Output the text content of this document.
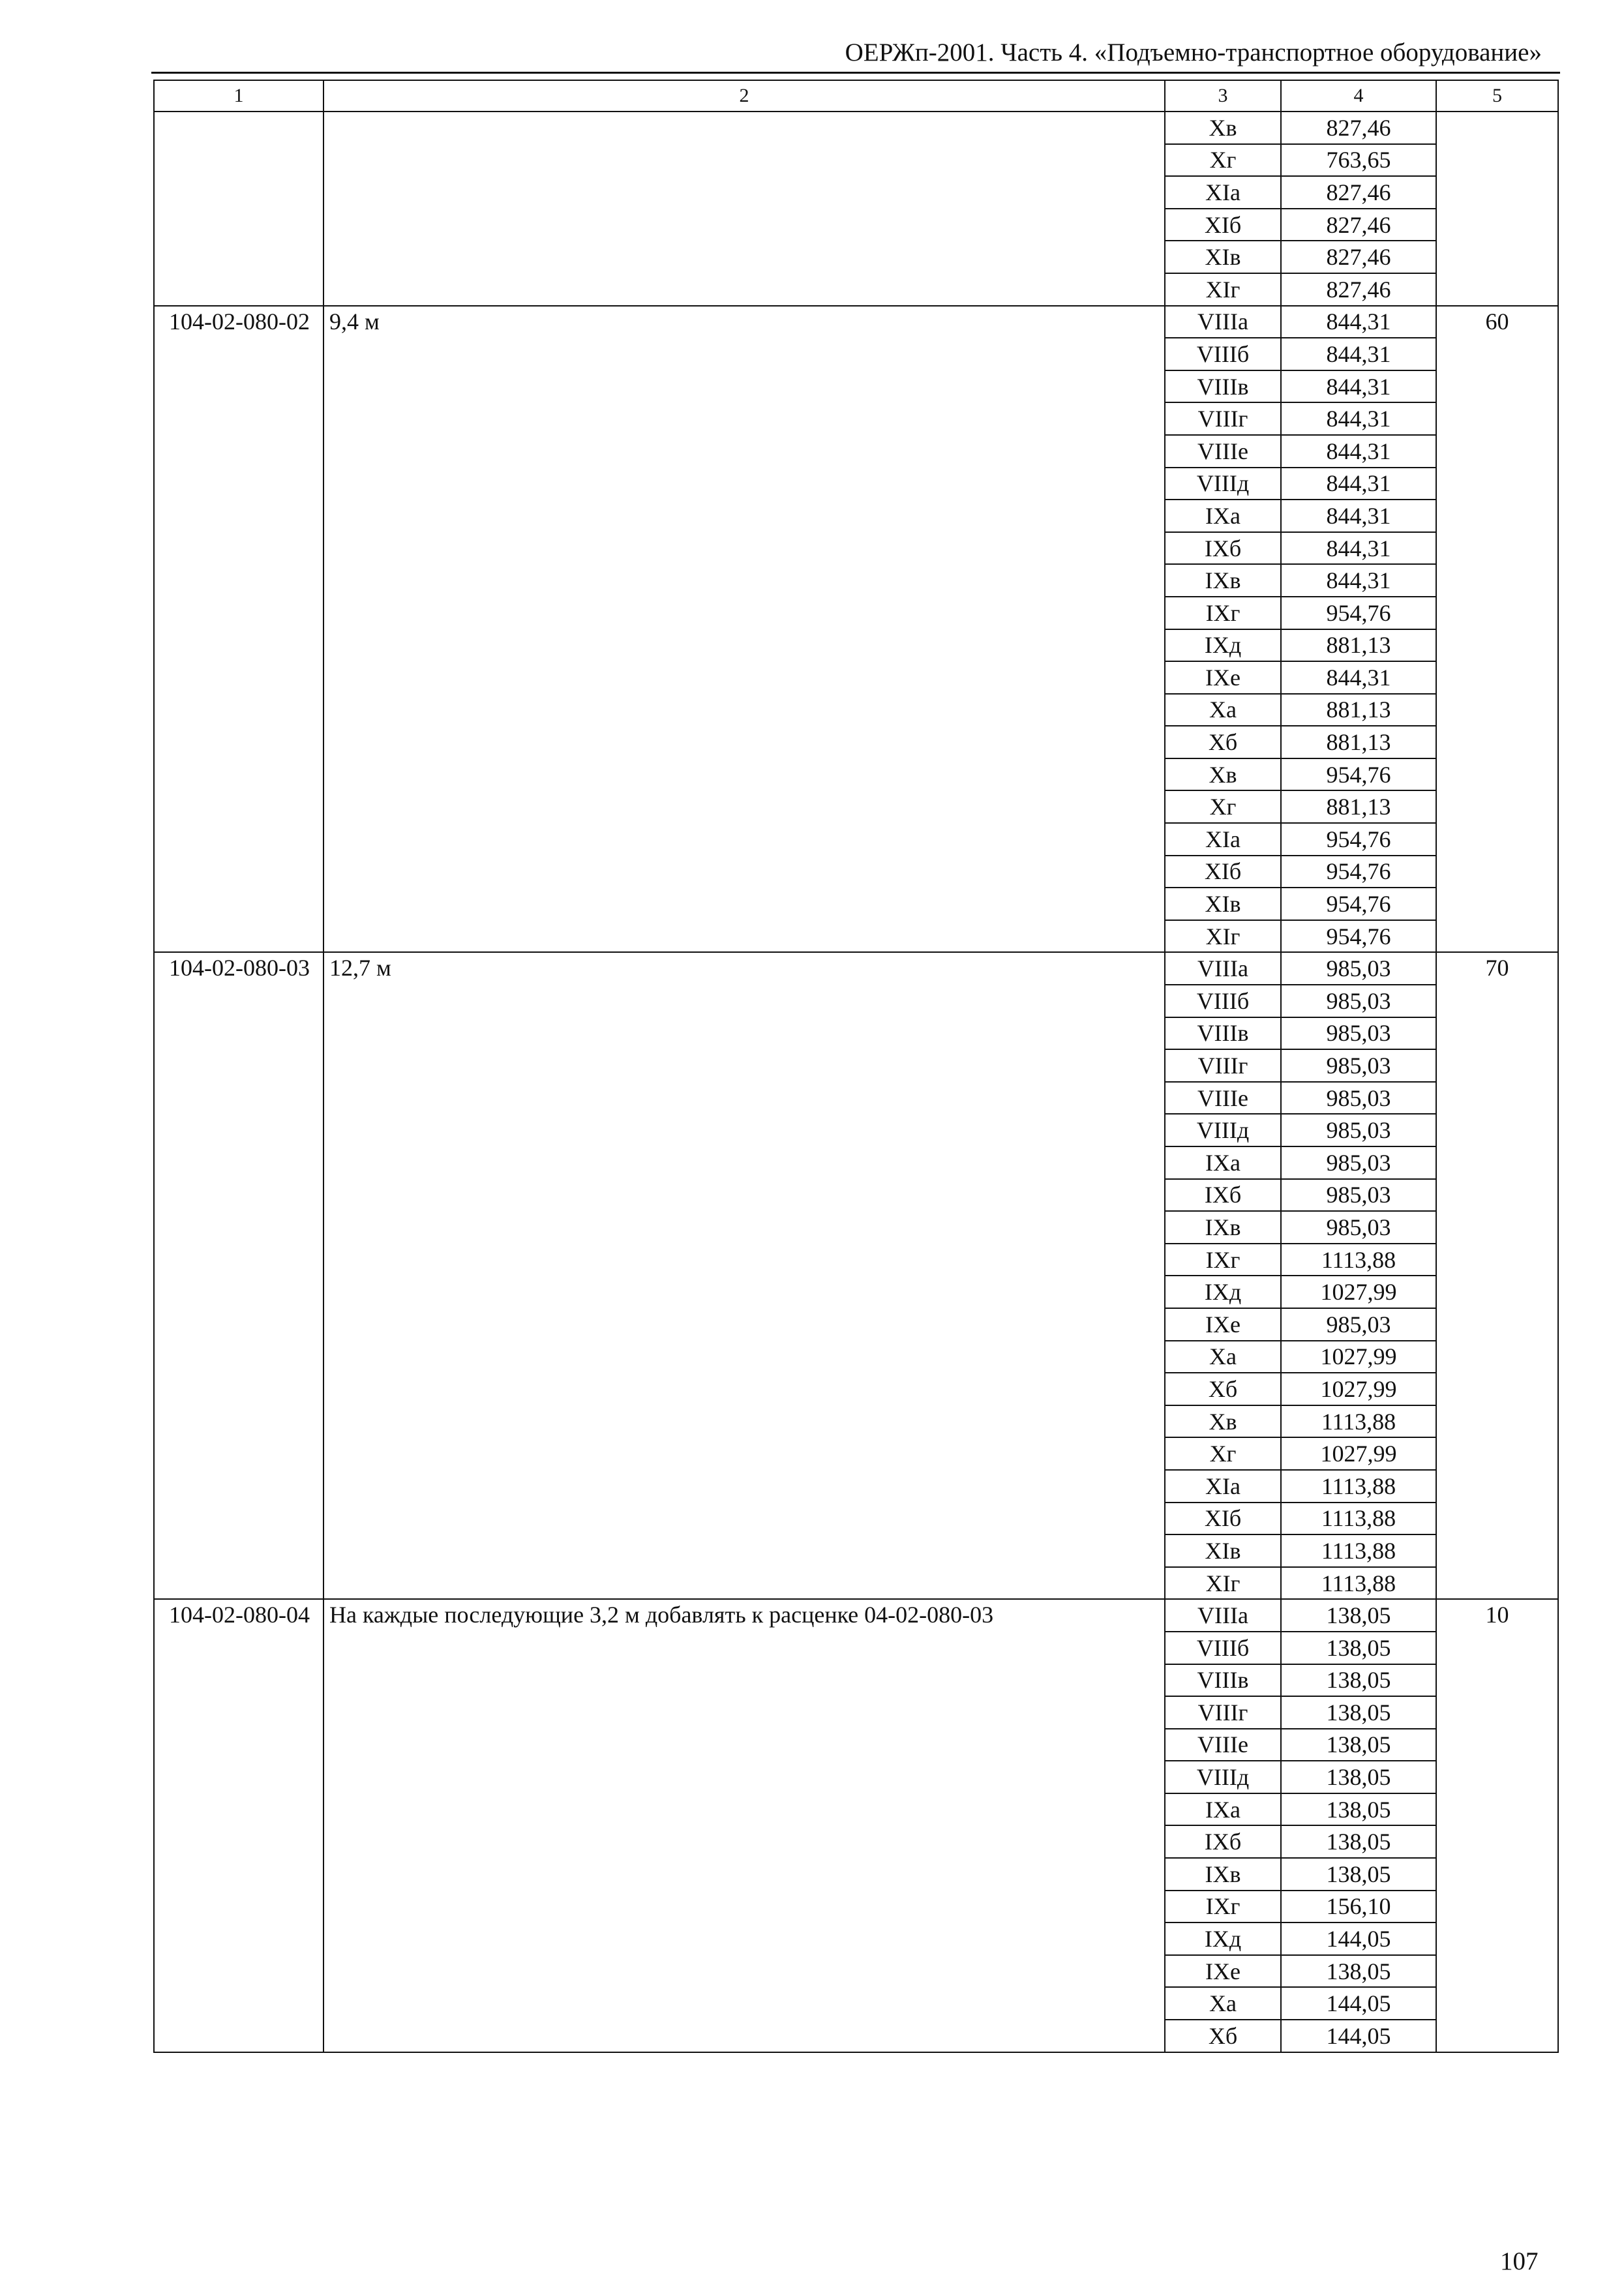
ОЕРЖп-2001. Часть 4. «Подъемно-транспортное оборудование»
1	2	3	4	5
		Хв	827,46	
		Хг	763,65	
		ХIа	827,46	
		ХIб	827,46	
		ХIв	827,46	
		ХIг	827,46	
104-02-080-02	9,4 м	VIIIа	844,31	60
		VIIIб	844,31	
		VIIIв	844,31	
		VIIIг	844,31	
		VIIIе	844,31	
		VIIIд	844,31	
		IХа	844,31	
		IХб	844,31	
		IХв	844,31	
		IХг	954,76	
		IХд	881,13	
		IХе	844,31	
		Ха	881,13	
		Хб	881,13	
		Хв	954,76	
		Хг	881,13	
		ХIа	954,76	
		ХIб	954,76	
		ХIв	954,76	
		ХIг	954,76	
104-02-080-03	12,7 м	VIIIа	985,03	70
		VIIIб	985,03	
		VIIIв	985,03	
		VIIIг	985,03	
		VIIIе	985,03	
		VIIIд	985,03	
		IХа	985,03	
		IХб	985,03	
		IХв	985,03	
		IХг	1113,88	
		IХд	1027,99	
		IХе	985,03	
		Ха	1027,99	
		Хб	1027,99	
		Хв	1113,88	
		Хг	1027,99	
		ХIа	1113,88	
		ХIб	1113,88	
		ХIв	1113,88	
		ХIг	1113,88	
104-02-080-04	На каждые последующие 3,2 м добавлять к расценке 04-02-080-03	VIIIа	138,05	10
		VIIIб	138,05	
		VIIIв	138,05	
		VIIIг	138,05	
		VIIIе	138,05	
		VIIIд	138,05	
		IХа	138,05	
		IХб	138,05	
		IХв	138,05	
		IХг	156,10	
		IХд	144,05	
		IХе	138,05	
		Ха	144,05	
		Хб	144,05	
107
